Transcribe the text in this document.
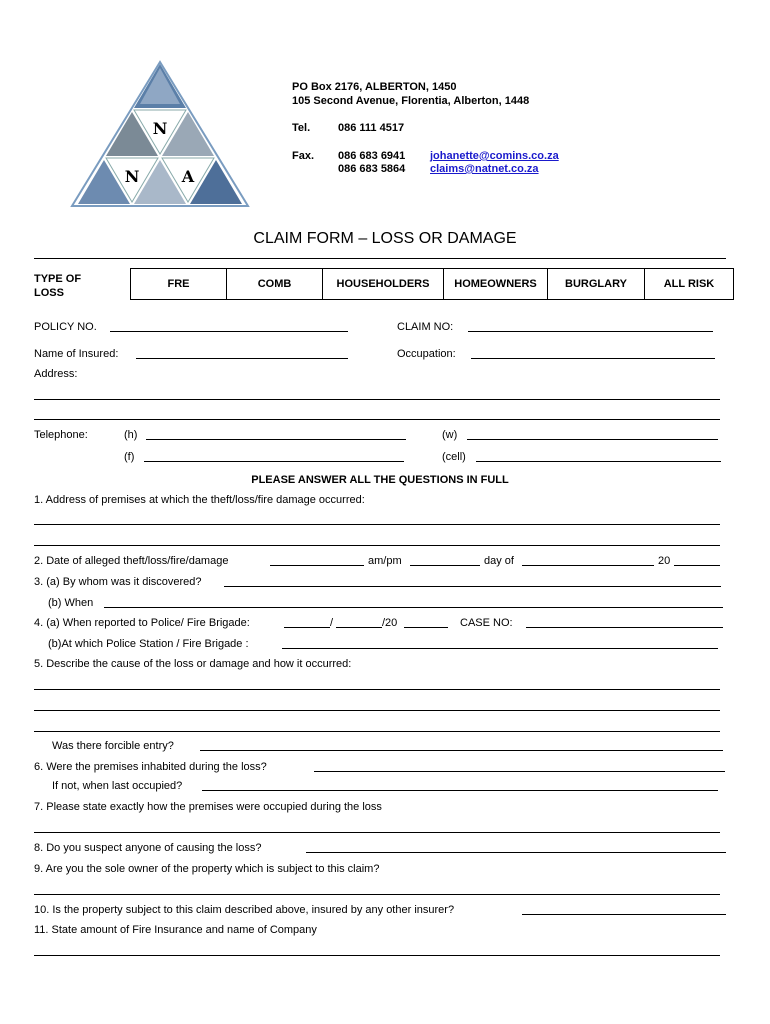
N
N	A
PO Box 2176, ALBERTON, 1450
105 Second Avenue, Florentia, Alberton, 1448
Tel.	086 111 4517
Fax. 086 683 6941
086 683 5864
johanette@comins.co.za
claims@natnet.co.za
CLAIM FORM – LOSS OR DAMAGE
TYPE OF
LOSS
FRE	COMB	HOUSEHOLDERS	HOMEOWNERS	BURGLARY	ALL RISK
POLICY NO.	CLAIM NO:
Name of Insured:	Occupation:
Address:
Telephone:	(h)	(w)
(f)	(cell)
PLEASE ANSWER ALL THE QUESTIONS IN FULL
1. Address of premises at which the theft/loss/fire damage occurred:
2. Date of alleged theft/loss/fire/damage	am/pm	day of	20
3. (a) By whom was it discovered?
(b) When
4. (a) When reported to Police/ Fire Brigade:	/	/20	CASE NO:
(b)At which Police Station / Fire Brigade :
5. Describe the cause of the loss or damage and how it occurred:
Was there forcible entry?
6. Were the premises inhabited during the loss?
If not, when last occupied?
7. Please state exactly how the premises were occupied during the loss
8. Do you suspect anyone of causing the loss?
9. Are you the sole owner of the property which is subject to this claim?
10. Is the property subject to this claim described above, insured by any other insurer?
11. State amount of Fire Insurance and name of Company
